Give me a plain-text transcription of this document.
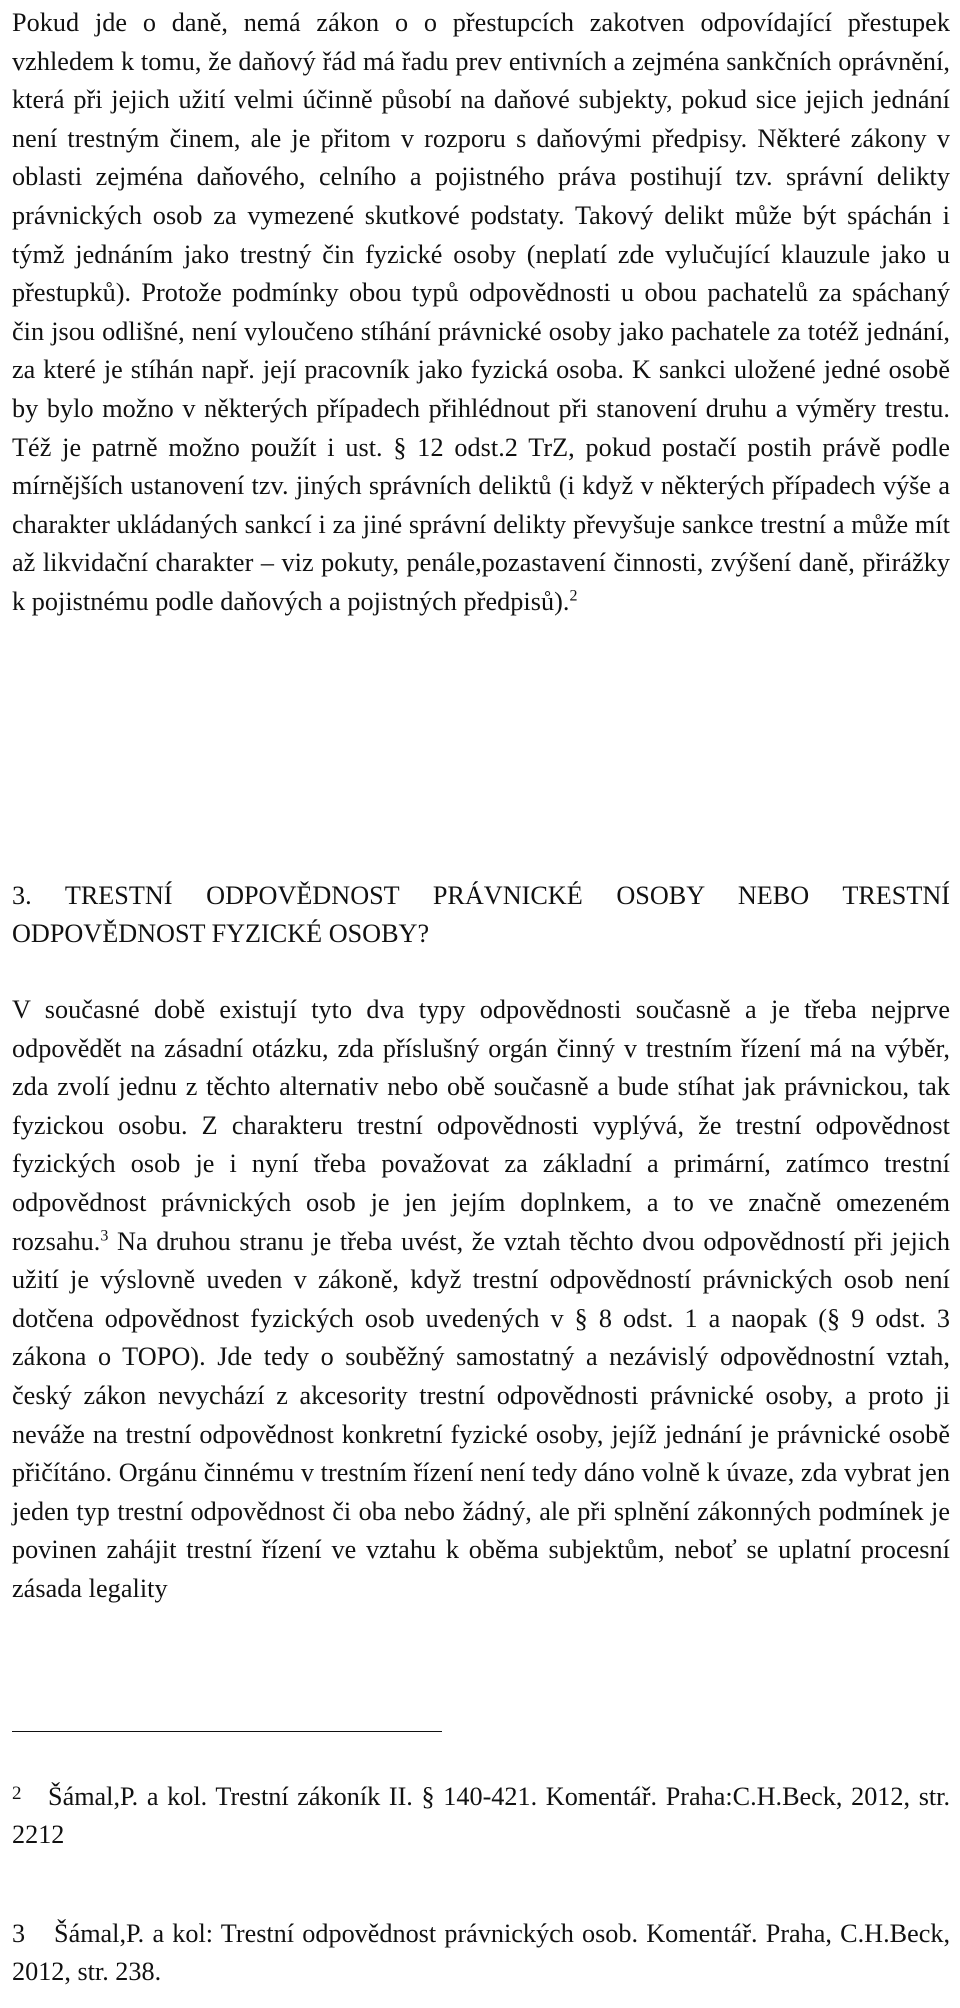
Pokud jde o daně, nemá zákon o o přestupcích zakotven odpovídající přestupek vzhledem k tomu, že daňový řád má řadu prev entivních a zejména sankčních oprávnění, která při jejich užití velmi účinně působí na daňové subjekty, pokud sice jejich jednání není trestným činem, ale je přitom v rozporu s daňovými předpisy. Některé zákony v oblasti zejména daňového, celního a pojistného práva postihují tzv. správní delikty právnických osob za vymezené skutkové podstaty. Takový delikt může být spáchán i týmž jednáním jako trestný čin fyzické osoby (neplatí zde vylučující klauzule jako u přestupků). Protože podmínky obou typů odpovědnosti u obou pachatelů za spáchaný čin jsou odlišné, není vyloučeno stíhání právnické osoby jako pachatele za totéž jednání, za které je stíhán např. její pracovník jako fyzická osoba. K sankci uložené jedné osobě by bylo možno v některých případech přihlédnout při stanovení druhu a výměry trestu. Též je patrně možno použít i ust. § 12 odst.2 TrZ, pokud postačí postih právě podle mírnějších ustanovení tzv. jiných správních deliktů (i když v některých případech výše a charakter ukládaných sankcí i za jiné správní delikty převyšuje sankce trestní a může mít až likvidační charakter – viz pokuty, penále,pozastavení činnosti, zvýšení daně, přirážky k pojistnému podle daňových a pojistných předpisů).$^2$

3. TRESTNÍ ODPOVĚDNOST PRÁVNICKÉ OSOBY NEBO TRESTNÍ ODPOVĚDNOST FYZICKÉ OSOBY?

V současné době existují tyto dva typy odpovědnosti současně a je třeba nejprve odpovědět na zásadní otázku, zda příslušný orgán činný v trestním řízení má na výběr, zda zvolí jednu z těchto alternativ nebo obě současně a bude stíhat jak právnickou, tak fyzickou osobu. Z charakteru trestní odpovědnosti vyplývá, že trestní odpovědnost fyzických osob je i nyní třeba považovat za základní a primární, zatímco trestní odpovědnost právnických osob je jen jejím doplnkem, a to ve značně omezeném rozsahu.$^3$ Na druhou stranu je třeba uvést, že vztah těchto dvou odpovědností při jejich užití je výslovně uveden v zákoně, když trestní odpovědností právnických osob není dotčena odpovědnost fyzických osob uvedených v § 8 odst. 1 a naopak (§ 9 odst. 3 zákona o TOPO). Jde tedy o souběžný samostatný a nezávislý odpovědnostní vztah, český zákon nevychází z akcesority trestní odpovědnosti právnické osoby, a proto ji neváže na trestní odpovědnost konkretní fyzické osoby, jejíž jednání je právnické osobě přičítáno. Orgánu činnému v trestním řízení není tedy dáno volně k úvaze, zda vybrat jen jeden typ trestní odpovědnost či oba nebo žádný, ale při splnění zákonných podmínek je povinen zahájit trestní řízení ve vztahu k oběma subjektům, neboť se uplatní procesní zásada legality

2 Šámal,P. a kol. Trestní zákoník II. § 140-421. Komentář. Praha:C.H.Beck, 2012, str. 2212

3 Šámal,P. a kol: Trestní odpovědnost právnických osob. Komentář. Praha, C.H.Beck, 2012, str. 238.
